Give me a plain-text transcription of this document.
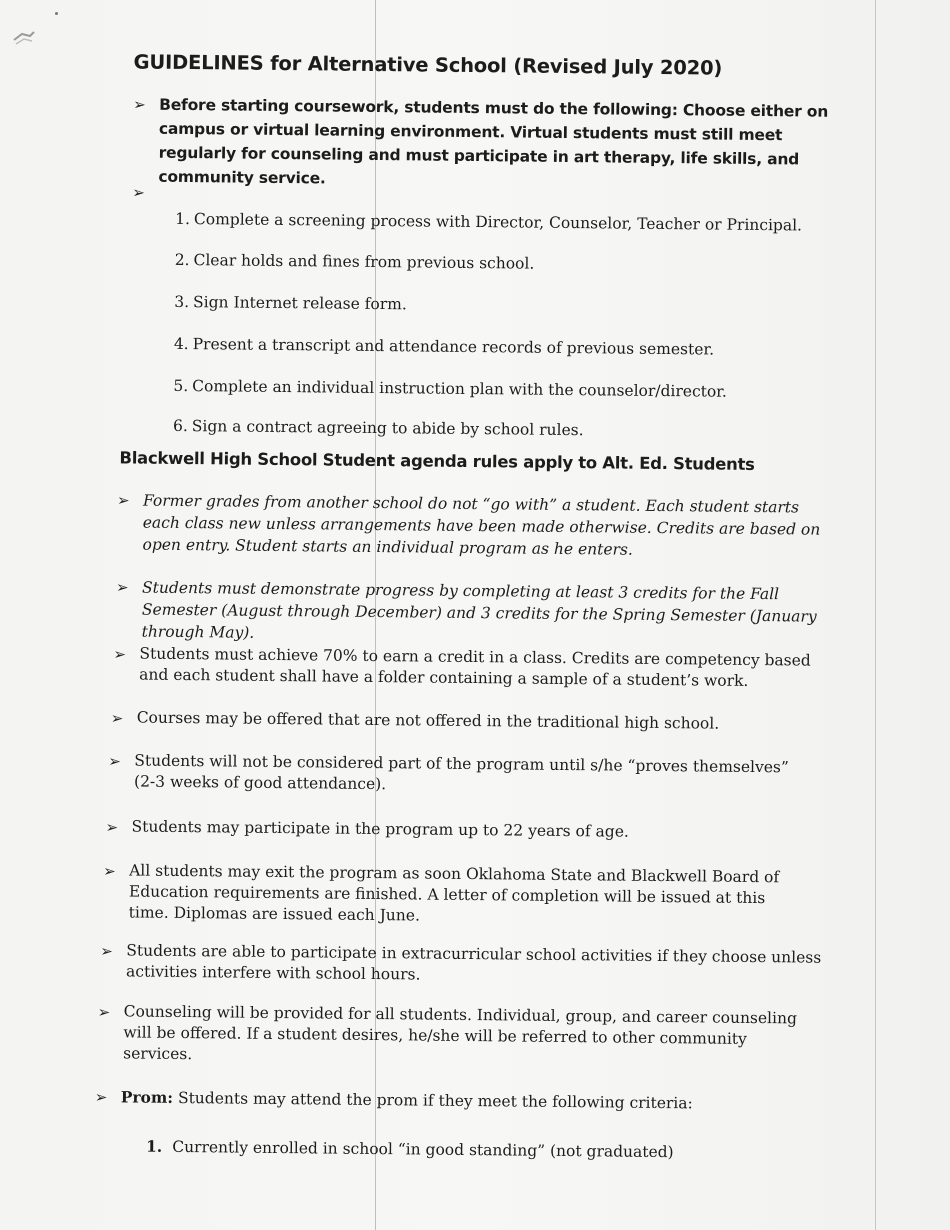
GUIDELINES for Alternative School (Revised July 2020)
➢ Before starting coursework, students must do the following: Choose either on campus or virtual learning environment. Virtual students must still meet regularly for counseling and must participate in art therapy, life skills, and community service.
➢
1. Complete a screening process with Director, Counselor, Teacher or Principal.
2. Clear holds and fines from previous school.
3. Sign Internet release form.
4. Present a transcript and attendance records of previous semester.
5. Complete an individual instruction plan with the counselor/director.
6. Sign a contract agreeing to abide by school rules.
Blackwell High School Student agenda rules apply to Alt. Ed. Students
➢ Former grades from another school do not “go with” a student. Each student starts each class new unless arrangements have been made otherwise. Credits are based on open entry. Student starts an individual program as he enters.
➢ Students must demonstrate progress by completing at least 3 credits for the Fall Semester (August through December) and 3 credits for the Spring Semester (January through May).
➢ Students must achieve 70% to earn a credit in a class. Credits are competency based and each student shall have a folder containing a sample of a student’s work.
➢ Courses may be offered that are not offered in the traditional high school.
➢ Students will not be considered part of the program until s/he “proves themselves” (2-3 weeks of good attendance).
➢ Students may participate in the program up to 22 years of age.
➢ All students may exit the program as soon Oklahoma State and Blackwell Board of Education requirements are finished. A letter of completion will be issued at this time. Diplomas are issued each June.
➢ Students are able to participate in extracurricular school activities if they choose unless activities interfere with school hours.
➢ Counseling will be provided for all students. Individual, group, and career counseling will be offered. If a student desires, he/she will be referred to other community services.
➢ Prom: Students may attend the prom if they meet the following criteria:
1. Currently enrolled in school “in good standing” (not graduated)
